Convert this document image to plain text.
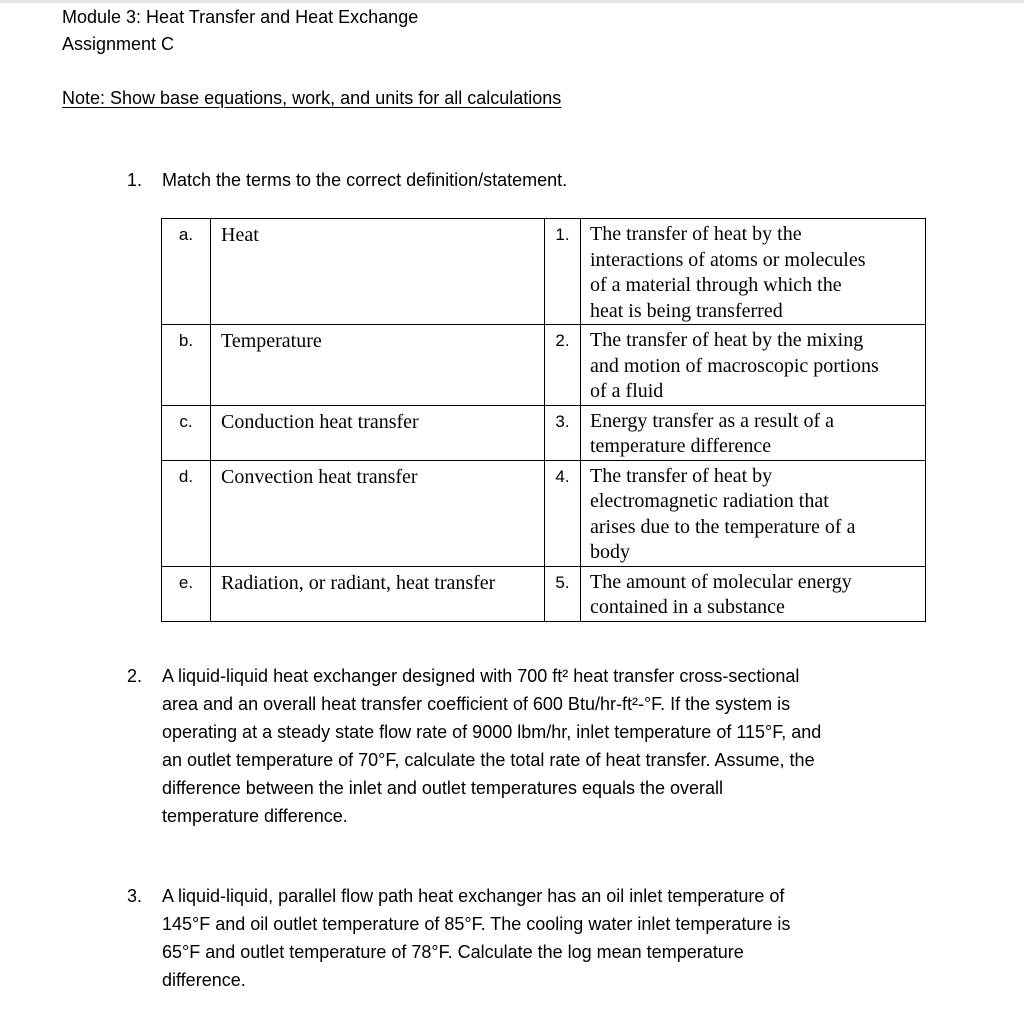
Module 3: Heat Transfer and Heat Exchange
Assignment C
Note: Show base equations, work, and units for all calculations
1. Match the terms to the correct definition/statement.
a.	Heat	1.	The transfer of heat by the
interactions of atoms or molecules
of a material through which the
heat is being transferred

b.	Temperature	2.	The transfer of heat by the mixing
and motion of macroscopic portions
of a fluid

c.	Conduction heat transfer	3.	Energy transfer as a result of a
temperature difference

d.	Convection heat transfer	4.	The transfer of heat by
electromagnetic radiation that
arises due to the temperature of a
body

e.	Radiation, or radiant, heat transfer	5.	The amount of molecular energy
contained in a substance
2. A liquid-liquid heat exchanger designed with 700 ft² heat transfer cross-sectional
area and an overall heat transfer coefficient of 600 Btu/hr-ft²-°F. If the system is
operating at a steady state flow rate of 9000 lbm/hr, inlet temperature of 115°F, and
an outlet temperature of 70°F, calculate the total rate of heat transfer. Assume, the
difference between the inlet and outlet temperatures equals the overall
temperature difference.
3. A liquid-liquid, parallel flow path heat exchanger has an oil inlet temperature of
145°F and oil outlet temperature of 85°F. The cooling water inlet temperature is
65°F and outlet temperature of 78°F. Calculate the log mean temperature
difference.
